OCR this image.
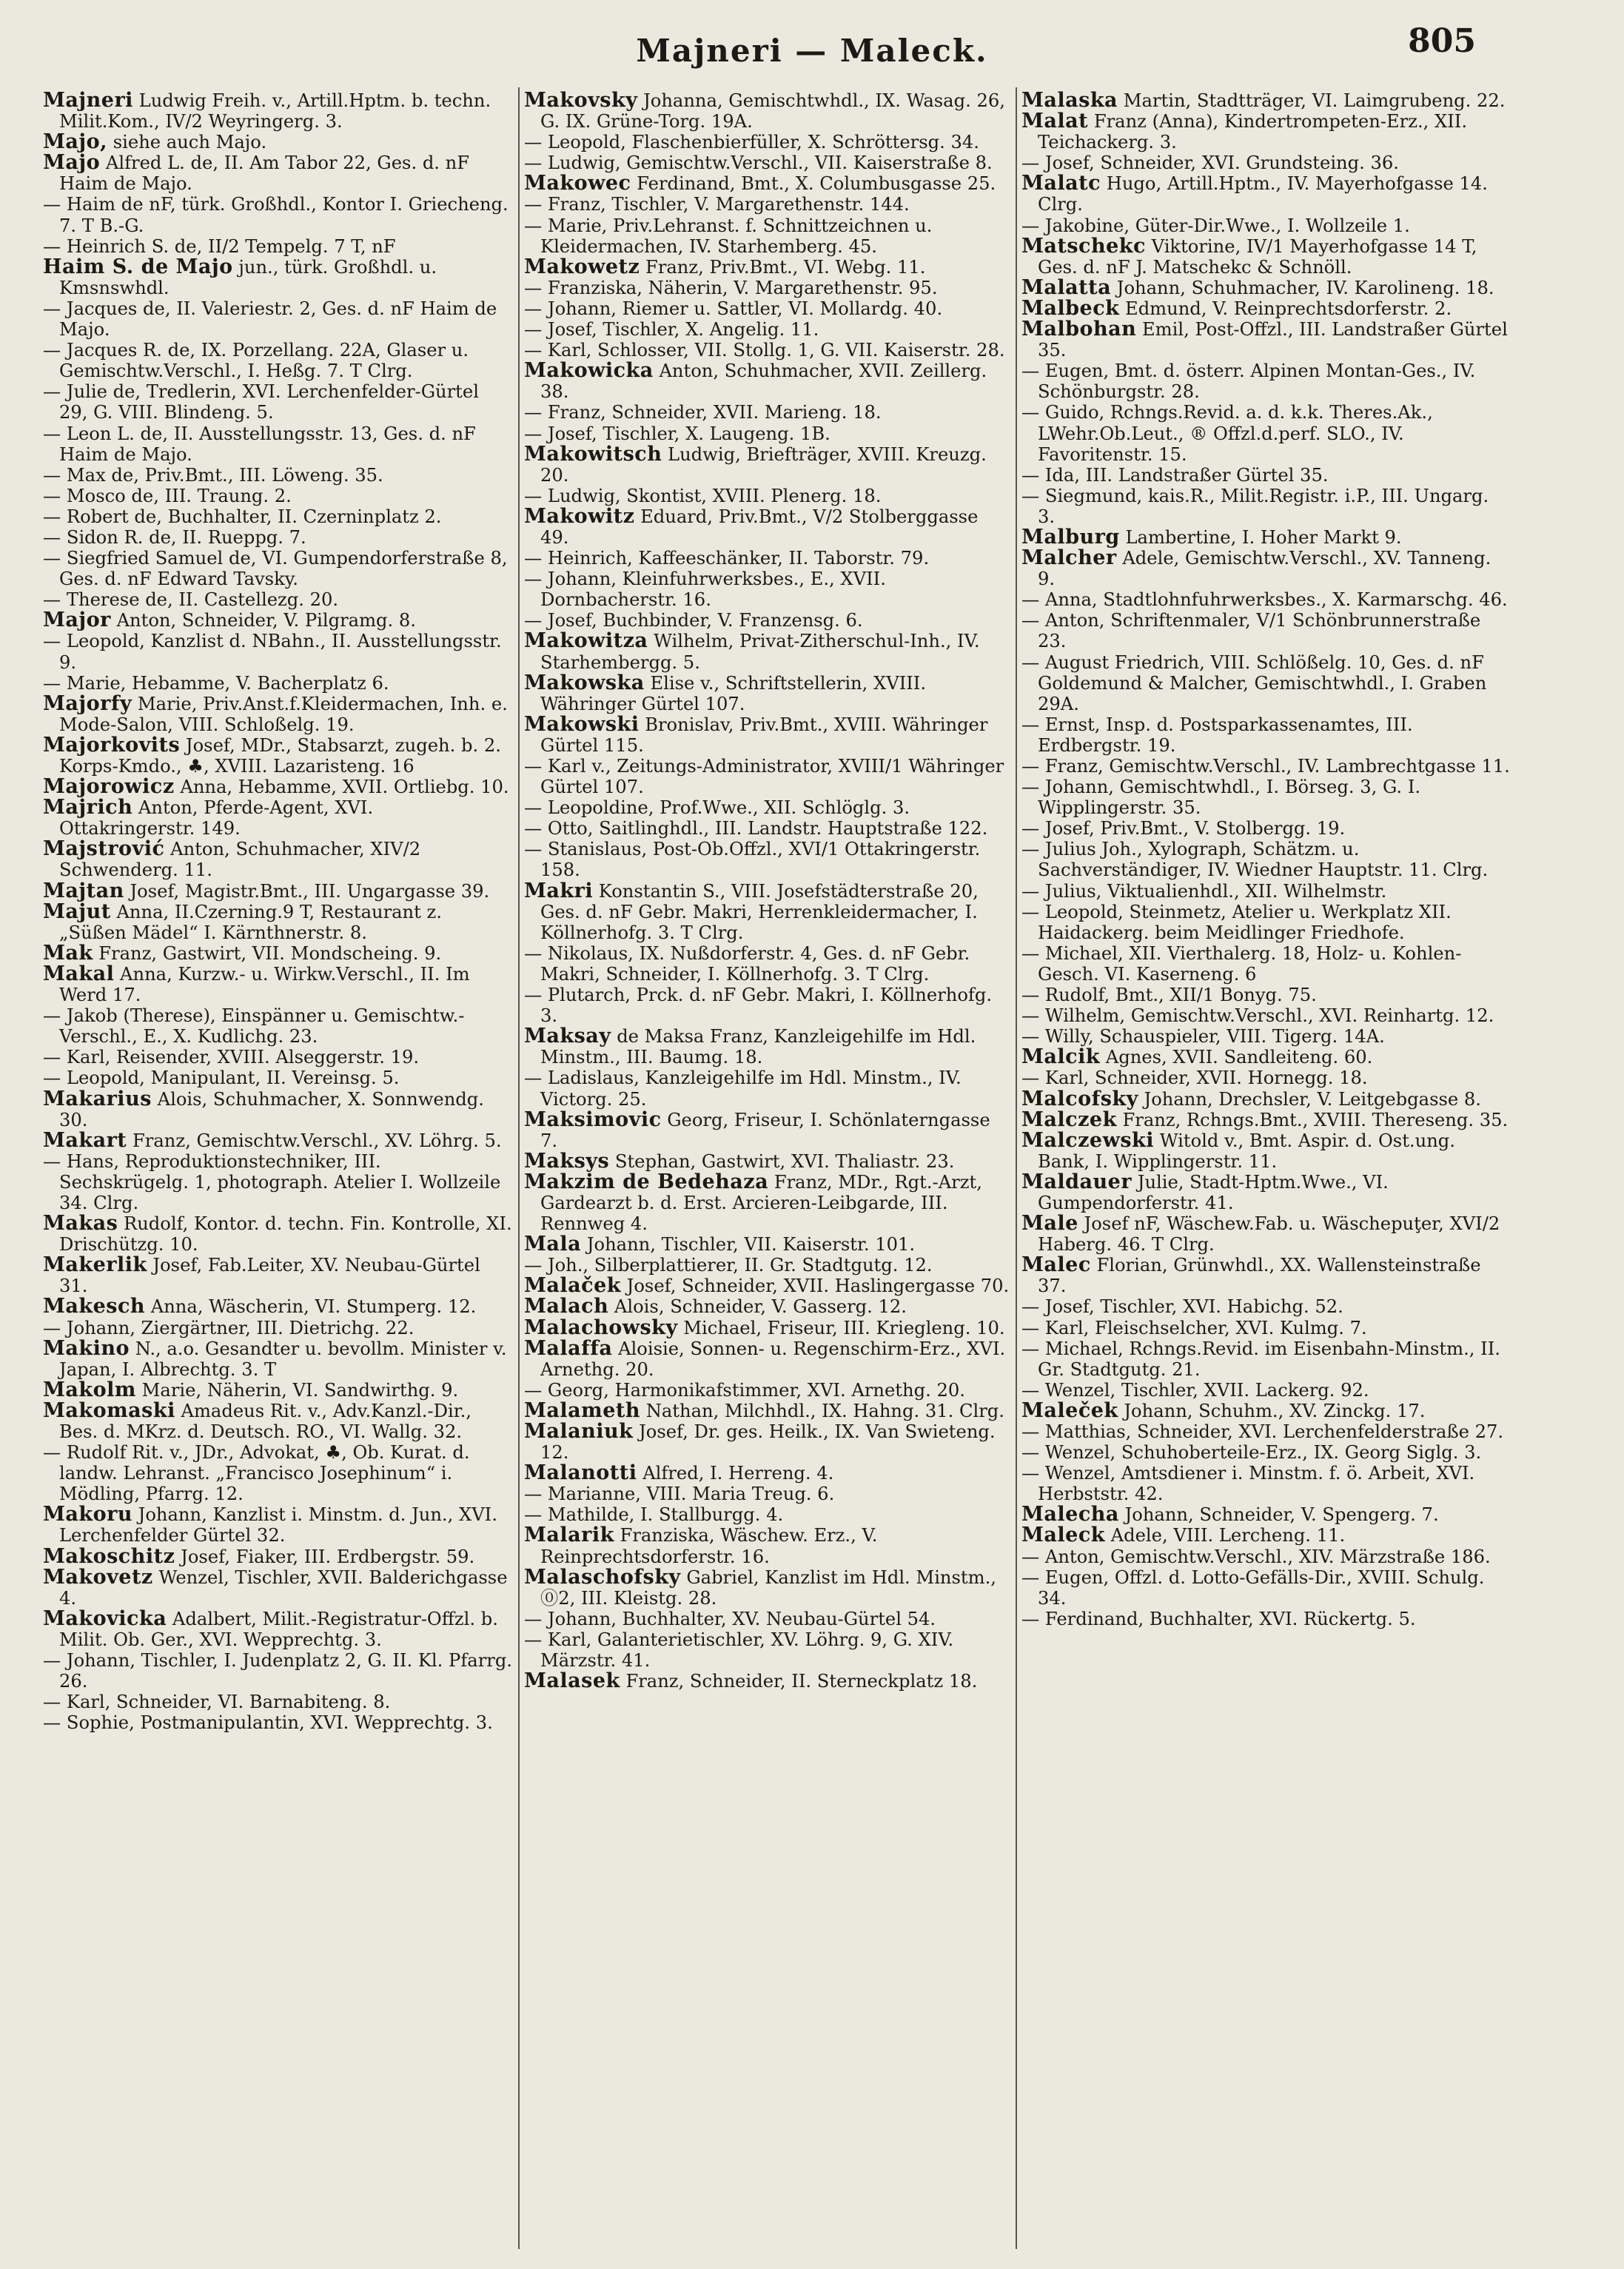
Majneri — Maleck.	805
Majneri Ludwig Freih. v., Artill.Hptm. b. techn. Milit.Kom., IV/2 Weyringerg. 3.
Majo, siehe auch Majo.
Majo Alfred L. de, II. Am Tabor 22, Ges. d. nF Haim de Majo.
— Haim de nF, türk. Großhdl., Kontor I. Griecheng. 7. T B.-G.
— Heinrich S. de, II/2 Tempelg. 7 T, nF
Haim S. de Majo jun., türk. Großhdl. u. Kmsnswhdl.
— Jacques de, II. Valeriestr. 2, Ges. d. nF Haim de Majo.
— Jacques R. de, IX. Porzellang. 22A, Glaser u. Gemischtw.Verschl., I. Heßg. 7. T Clrg.
— Julie de, Tredlerin, XVI. Lerchenfelder-Gürtel 29, G. VIII. Blindeng. 5.
— Leon L. de, II. Ausstellungsstr. 13, Ges. d. nF Haim de Majo.
— Max de, Priv.Bmt., III. Löweng. 35.
— Mosco de, III. Traung. 2.
— Robert de, Buchhalter, II. Czerninplatz 2.
— Sidon R. de, II. Rueppg. 7.
— Siegfried Samuel de, VI. Gumpendorferstraße 8, Ges. d. nF Edward Tavsky.
— Therese de, II. Castellezg. 20.
Major Anton, Schneider, V. Pilgramg. 8.
— Leopold, Kanzlist d. NBahn., II. Ausstellungsstr. 9.
— Marie, Hebamme, V. Bacherplatz 6.
Majorfy Marie, Priv.Anst.f.Kleidermachen, Inh. e. Mode-Salon, VIII. Schloßelg. 19.
Majorkovits Josef, MDr., Stabsarzt, zugeh. b. 2. Korps-Kmdo., ♣, XVIII. Lazaristeng. 16
Majorowicz Anna, Hebamme, XVII. Ortliebg. 10.
Majrich Anton, Pferde-Agent, XVI. Ottakringerstr. 149.
Majstrović Anton, Schuhmacher, XIV/2 Schwenderg. 11.
Majtan Josef, Magistr.Bmt., III. Ungargasse 39.
Majut Anna, II.Czerning.9 T, Restaurant z. „Süßen Mädel“ I. Kärnthnerstr. 8.
Mak Franz, Gastwirt, VII. Mondscheing. 9.
Makal Anna, Kurzw.- u. Wirkw.Verschl., II. Im Werd 17.
— Jakob (Therese), Einspänner u. Gemischtw.-Verschl., E., X. Kudlichg. 23.
— Karl, Reisender, XVIII. Alseggerstr. 19.
— Leopold, Manipulant, II. Vereinsg. 5.
Makarius Alois, Schuhmacher, X. Sonnwendg. 30.
Makart Franz, Gemischtw.Verschl., XV. Löhrg. 5.
— Hans, Reproduktionstechniker, III. Sechskrügelg. 1, photograph. Atelier I. Wollzeile 34. Clrg.
Makas Rudolf, Kontor. d. techn. Fin. Kontrolle, XI. Drischützg. 10.
Makerlik Josef, Fab.Leiter, XV. Neubau-Gürtel 31.
Makesch Anna, Wäscherin, VI. Stumperg. 12.
— Johann, Ziergärtner, III. Dietrichg. 22.
Makino N., a.o. Gesandter u. bevollm. Minister v. Japan, I. Albrechtg. 3. T
Makolm Marie, Näherin, VI. Sandwirthg. 9.
Makomaski Amadeus Rit. v., Adv.Kanzl.-Dir., Bes. d. MKrz. d. Deutsch. RO., VI. Wallg. 32.
— Rudolf Rit. v., JDr., Advokat, ♣, Ob. Kurat. d. landw. Lehranst. „Francisco Josephinum“ i. Mödling, Pfarrg. 12.
Makoru Johann, Kanzlist i. Minstm. d. Jun., XVI. Lerchenfelder Gürtel 32.
Makoschitz Josef, Fiaker, III. Erdbergstr. 59.
Makovetz Wenzel, Tischler, XVII. Balderichgasse 4.
Makovicka Adalbert, Milit.-Registratur-Offzl. b. Milit. Ob. Ger., XVI. Wepprechtg. 3.
— Johann, Tischler, I. Judenplatz 2, G. II. Kl. Pfarrg. 26.
— Karl, Schneider, VI. Barnabiteng. 8.
— Sophie, Postmanipulantin, XVI. Wepprechtg. 3.
Makovsky Johanna, Gemischtwhdl., IX. Wasag. 26, G. IX. Grüne-Torg. 19A.
— Leopold, Flaschenbierfüller, X. Schröttersg. 34.
— Ludwig, Gemischtw.Verschl., VII. Kaiserstraße 8.
Makowec Ferdinand, Bmt., X. Columbusgasse 25.
— Franz, Tischler, V. Margarethenstr. 144.
— Marie, Priv.Lehranst. f. Schnittzeichnen u. Kleidermachen, IV. Starhemberg. 45.
Makowetz Franz, Priv.Bmt., VI. Webg. 11.
— Franziska, Näherin, V. Margarethenstr. 95.
— Johann, Riemer u. Sattler, VI. Mollardg. 40.
— Josef, Tischler, X. Angelig. 11.
— Karl, Schlosser, VII. Stollg. 1, G. VII. Kaiserstr. 28.
Makowicka Anton, Schuhmacher, XVII. Zeillerg. 38.
— Franz, Schneider, XVII. Marieng. 18.
— Josef, Tischler, X. Laugeng. 1B.
Makowitsch Ludwig, Briefträger, XVIII. Kreuzg. 20.
— Ludwig, Skontist, XVIII. Plenerg. 18.
Makowitz Eduard, Priv.Bmt., V/2 Stolberggasse 49.
— Heinrich, Kaffeeschänker, II. Taborstr. 79.
— Johann, Kleinfuhrwerksbes., E., XVII. Dornbacherstr. 16.
— Josef, Buchbinder, V. Franzensg. 6.
Makowitza Wilhelm, Privat-Zitherschul-Inh., IV. Starhembergg. 5.
Makowska Elise v., Schriftstellerin, XVIII. Währinger Gürtel 107.
Makowski Bronislav, Priv.Bmt., XVIII. Währinger Gürtel 115.
— Karl v., Zeitungs-Administrator, XVIII/1 Währinger Gürtel 107.
— Leopoldine, Prof.Wwe., XII. Schlöglg. 3.
— Otto, Saitlinghdl., III. Landstr. Hauptstraße 122.
— Stanislaus, Post-Ob.Offzl., XVI/1 Ottakringerstr. 158.
Makri Konstantin S., VIII. Josefstädterstraße 20, Ges. d. nF Gebr. Makri, Herrenkleidermacher, I. Köllnerhofg. 3. T Clrg.
— Nikolaus, IX. Nußdorferstr. 4, Ges. d. nF Gebr. Makri, Schneider, I. Köllnerhofg. 3. T Clrg.
— Plutarch, Prck. d. nF Gebr. Makri, I. Köllnerhofg. 3.
Maksay de Maksa Franz, Kanzleigehilfe im Hdl. Minstm., III. Baumg. 18.
— Ladislaus, Kanzleigehilfe im Hdl. Minstm., IV. Victorg. 25.
Maksimovic Georg, Friseur, I. Schönlaterngasse 7.
Maksys Stephan, Gastwirt, XVI. Thaliastr. 23.
Makzim de Bedehaza Franz, MDr., Rgt.-Arzt, Gardearzt b. d. Erst. Arcieren-Leibgarde, III. Rennweg 4.
Mala Johann, Tischler, VII. Kaiserstr. 101.
— Joh., Silberplattierer, II. Gr. Stadtgutg. 12.
Malaček Josef, Schneider, XVII. Haslingergasse 70.
Malach Alois, Schneider, V. Gasserg. 12.
Malachowsky Michael, Friseur, III. Kriegleng. 10.
Malaffa Aloisie, Sonnen- u. Regenschirm-Erz., XVI. Arnethg. 20.
— Georg, Harmonikafstimmer, XVI. Arnethg. 20.
Malameth Nathan, Milchhdl., IX. Hahng. 31. Clrg.
Malaniuk Josef, Dr. ges. Heilk., IX. Van Swieteng. 12.
Malanotti Alfred, I. Herreng. 4.
— Marianne, VIII. Maria Treug. 6.
— Mathilde, I. Stallburgg. 4.
Malarik Franziska, Wäschew. Erz., V. Reinprechtsdorferstr. 16.
Malaschofsky Gabriel, Kanzlist im Hdl. Minstm., ⓪2, III. Kleistg. 28.
— Johann, Buchhalter, XV. Neubau-Gürtel 54.
— Karl, Galanterietischler, XV. Löhrg. 9, G. XIV. Märzstr. 41.
Malasek Franz, Schneider, II. Sterneckplatz 18.
Malaska Martin, Stadtträger, VI. Laimgrubeng. 22.
Malat Franz (Anna), Kindertrompeten-Erz., XII. Teichackerg. 3.
— Josef, Schneider, XVI. Grundsteing. 36.
Malatc Hugo, Artill.Hptm., IV. Mayerhofgasse 14. Clrg.
— Jakobine, Güter-Dir.Wwe., I. Wollzeile 1.
Matschekc Viktorine, IV/1 Mayerhofgasse 14 T, Ges. d. nF J. Matschekc & Schnöll.
Malatta Johann, Schuhmacher, IV. Karolineng. 18.
Malbeck Edmund, V. Reinprechtsdorferstr. 2.
Malbohan Emil, Post-Offzl., III. Landstraßer Gürtel 35.
— Eugen, Bmt. d. österr. Alpinen Montan-Ges., IV. Schönburgstr. 28.
— Guido, Rchngs.Revid. a. d. k.k. Theres.Ak., LWehr.Ob.Leut., ® Offzl.d.perf. SLO., IV. Favoritenstr. 15.
— Ida, III. Landstraßer Gürtel 35.
— Siegmund, kais.R., Milit.Registr. i.P., III. Ungarg. 3.
Malburg Lambertine, I. Hoher Markt 9.
Malcher Adele, Gemischtw.Verschl., XV. Tanneng. 9.
— Anna, Stadtlohnfuhrwerksbes., X. Karmarschg. 46.
— Anton, Schriftenmaler, V/1 Schönbrunnerstraße 23.
— August Friedrich, VIII. Schlößelg. 10, Ges. d. nF Goldemund & Malcher, Gemischtwhdl., I. Graben 29A.
— Ernst, Insp. d. Postsparkassenamtes, III. Erdbergstr. 19.
— Franz, Gemischtw.Verschl., IV. Lambrechtgasse 11.
— Johann, Gemischtwhdl., I. Börseg. 3, G. I. Wipplingerstr. 35.
— Josef, Priv.Bmt., V. Stolbergg. 19.
— Julius Joh., Xylograph, Schätzm. u. Sachverständiger, IV. Wiedner Hauptstr. 11. Clrg.
— Julius, Viktualienhdl., XII. Wilhelmstr.
— Leopold, Steinmetz, Atelier u. Werkplatz XII. Haidackerg. beim Meidlinger Friedhofe.
— Michael, XII. Vierthalerg. 18, Holz- u. Kohlen-Gesch. VI. Kaserneng. 6
— Rudolf, Bmt., XII/1 Bonyg. 75.
— Wilhelm, Gemischtw.Verschl., XVI. Reinhartg. 12.
— Willy, Schauspieler, VIII. Tigerg. 14A.
Malcik Agnes, XVII. Sandleiteng. 60.
— Karl, Schneider, XVII. Hornegg. 18.
Malcofsky Johann, Drechsler, V. Leitgebgasse 8.
Malczek Franz, Rchngs.Bmt., XVIII. Thereseng. 35.
Malczewski Witold v., Bmt. Aspir. d. Ost.ung. Bank, I. Wipplingerstr. 11.
Maldauer Julie, Stadt-Hptm.Wwe., VI. Gumpendorferstr. 41.
Male Josef nF, Wäschew.Fab. u. Wäschepuţer, XVI/2 Haberg. 46. T Clrg.
Malec Florian, Grünwhdl., XX. Wallensteinstraße 37.
— Josef, Tischler, XVI. Habichg. 52.
— Karl, Fleischselcher, XVI. Kulmg. 7.
— Michael, Rchngs.Revid. im Eisenbahn-Minstm., II. Gr. Stadtgutg. 21.
— Wenzel, Tischler, XVII. Lackerg. 92.
Maleček Johann, Schuhm., XV. Zinckg. 17.
— Matthias, Schneider, XVI. Lerchenfelderstraße 27.
— Wenzel, Schuhoberteile-Erz., IX. Georg Siglg. 3.
— Wenzel, Amtsdiener i. Minstm. f. ö. Arbeit, XVI. Herbststr. 42.
Malecha Johann, Schneider, V. Spengerg. 7.
Maleck Adele, VIII. Lercheng. 11.
— Anton, Gemischtw.Verschl., XIV. Märzstraße 186.
— Eugen, Offzl. d. Lotto-Gefälls-Dir., XVIII. Schulg. 34.
— Ferdinand, Buchhalter, XVI. Rückertg. 5.
